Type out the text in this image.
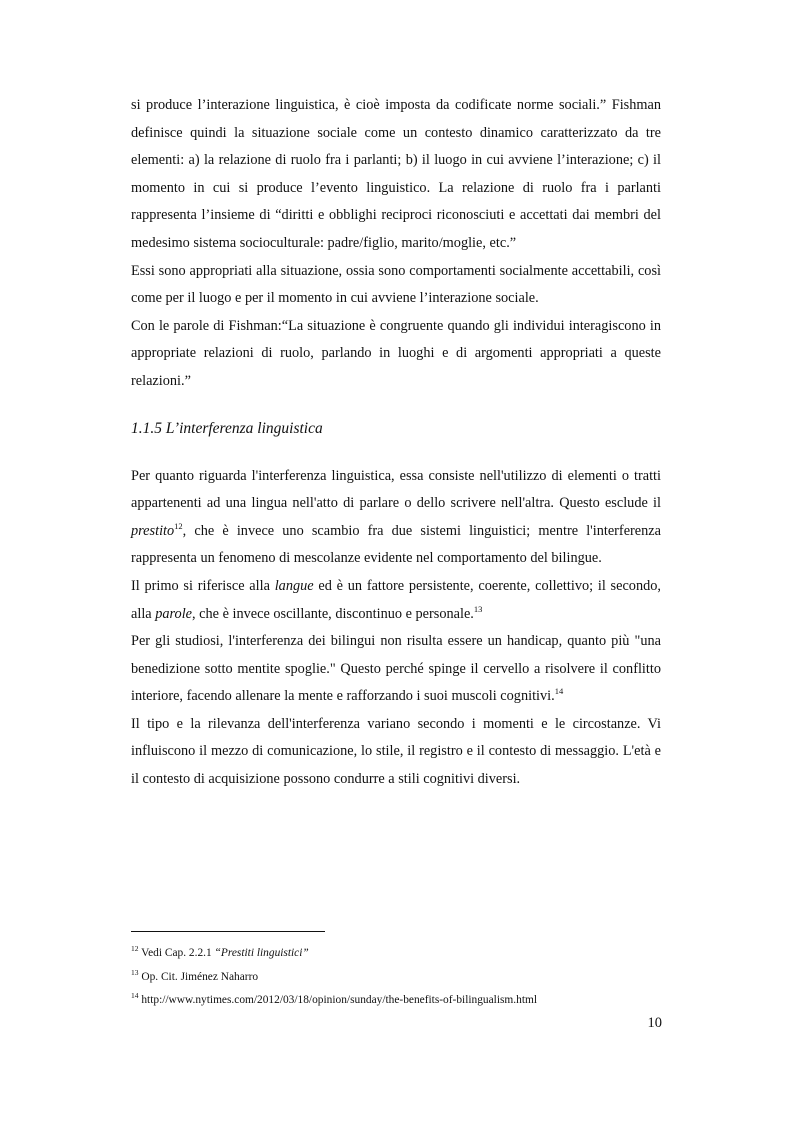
si produce l’interazione linguistica, è cioè imposta da codificate norme sociali.” Fishman definisce quindi la situazione sociale come un contesto dinamico caratterizzato da tre elementi: a) la relazione di ruolo fra i parlanti; b) il luogo in cui avviene l’interazione; c) il momento in cui si produce l’evento linguistico. La relazione di ruolo fra i parlanti rappresenta l’insieme di “diritti e obblighi reciproci riconosciuti e accettati dai membri del medesimo sistema socioculturale: padre/figlio, marito/moglie, etc.”

Essi sono appropriati alla situazione, ossia sono comportamenti socialmente accettabili, così come per il luogo e per il momento in cui avviene l’interazione sociale.

Con le parole di Fishman:“La situazione è congruente quando gli individui interagiscono in appropriate relazioni di ruolo, parlando in luoghi e di argomenti appropriati a queste relazioni.”

1.1.5 L’interferenza linguistica

Per quanto riguarda l'interferenza linguistica, essa consiste nell'utilizzo di elementi o tratti appartenenti ad una lingua nell'atto di parlare o dello scrivere nell'altra. Questo esclude il prestito$^{12}$, che è invece uno scambio fra due sistemi linguistici; mentre l'interferenza rappresenta un fenomeno di mescolanze evidente nel comportamento del bilingue.

Il primo si riferisce alla langue ed è un fattore persistente, coerente, collettivo; il secondo, alla parole, che è invece oscillante, discontinuo e personale.$^{13}$

Per gli studiosi, l'interferenza dei bilingui non risulta essere un handicap, quanto più "una benedizione sotto mentite spoglie." Questo perché spinge il cervello a risolvere il conflitto interiore, facendo allenare la mente e rafforzando i suoi muscoli cognitivi.$^{14}$

Il tipo e la rilevanza dell'interferenza variano secondo i momenti e le circostanze. Vi influiscono il mezzo di comunicazione, lo stile, il registro e il contesto di messaggio. L'età e il contesto di acquisizione possono condurre a stili cognitivi diversi.

$^{12}$ Vedi Cap. 2.2.1 “Prestiti linguistici”

$^{13}$ Op. Cit. Jiménez Naharro

$^{14}$ http://www.nytimes.com/2012/03/18/opinion/sunday/the-benefits-of-bilingualism.html

10
